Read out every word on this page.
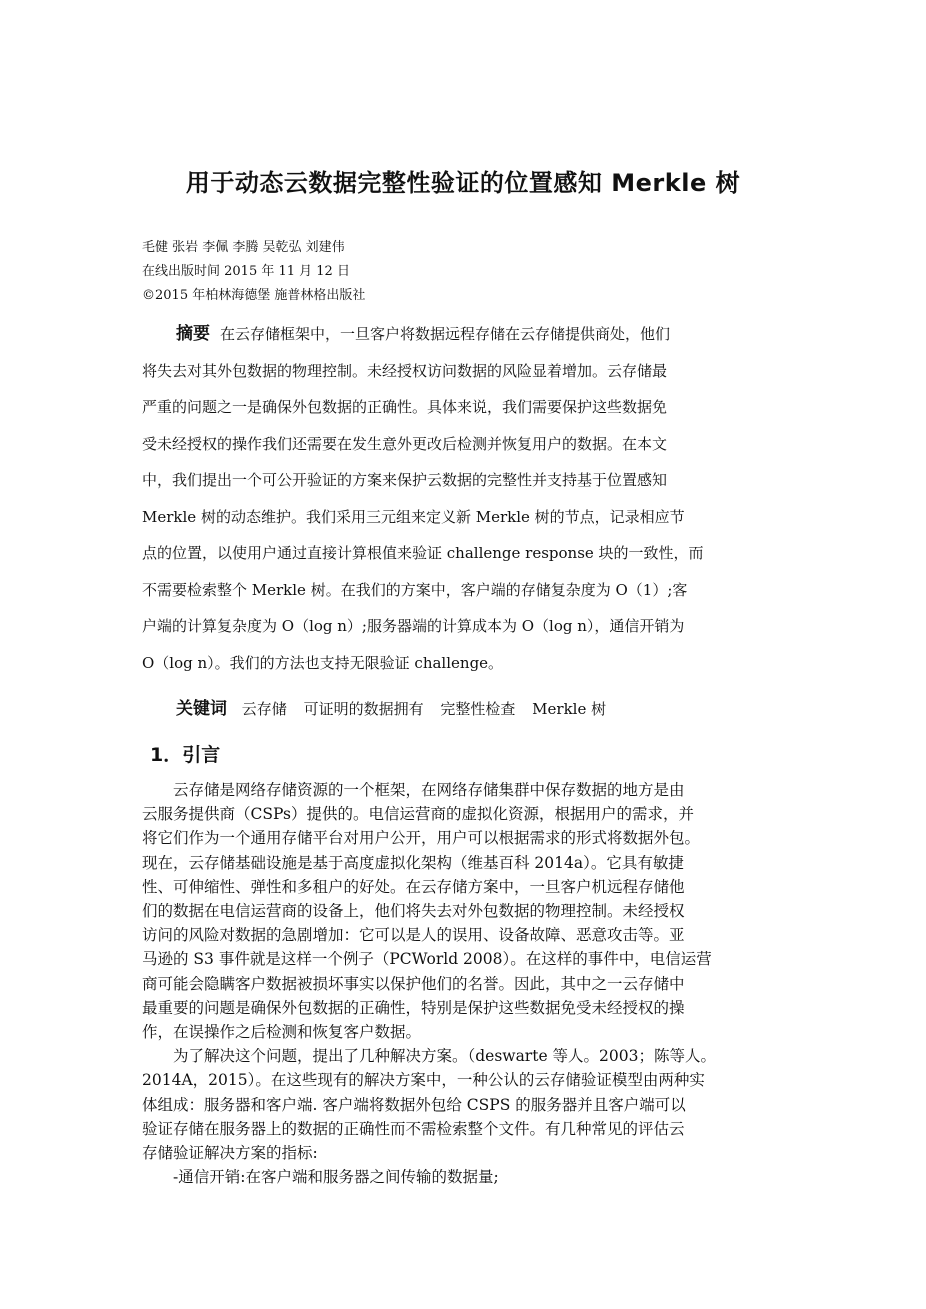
用于动态云数据完整性验证的位置感知 Merkle 树
毛健 张岩 李佩 李腾 吴乾弘 刘建伟
在线出版时间 2015 年 11 月 12 日
©2015 年柏林海德堡 施普林格出版社
摘要 在云存储框架中，一旦客户将数据远程存储在云存储提供商处，他们
将失去对其外包数据的物理控制。未经授权访问数据的风险显着增加。云存储最
严重的问题之一是确保外包数据的正确性。具体来说，我们需要保护这些数据免
受未经授权的操作我们还需要在发生意外更改后检测并恢复用户的数据。在本文
中，我们提出一个可公开验证的方案来保护云数据的完整性并支持基于位置感知
Merkle 树的动态维护。我们采用三元组来定义新 Merkle 树的节点，记录相应节
点的位置，以使用户通过直接计算根值来验证 challenge response 块的一致性，而
不需要检索整个 Merkle 树。在我们的方案中，客户端的存储复杂度为 O（1）;客
户端的计算复杂度为 O（log n）;服务器端的计算成本为 O（log n），通信开销为
O（log n）。我们的方法也支持无限验证 challenge。
关键词 云存储 可证明的数据拥有 完整性检查 Merkle 树
1．引言
云存储是网络存储资源的一个框架，在网络存储集群中保存数据的地方是由
云服务提供商（CSPs）提供的。电信运营商的虚拟化资源，根据用户的需求，并
将它们作为一个通用存储平台对用户公开，用户可以根据需求的形式将数据外包。
现在，云存储基础设施是基于高度虚拟化架构（维基百科 2014a）。它具有敏捷
性、可伸缩性、弹性和多租户的好处。在云存储方案中，一旦客户机远程存储他
们的数据在电信运营商的设备上，他们将失去对外包数据的物理控制。未经授权
访问的风险对数据的急剧增加：它可以是人的误用、设备故障、恶意攻击等。亚
马逊的 S3 事件就是这样一个例子（PCWorld 2008）。在这样的事件中，电信运营
商可能会隐瞒客户数据被损坏事实以保护他们的名誉。因此，其中之一云存储中
最重要的问题是确保外包数据的正确性，特别是保护这些数据免受未经授权的操
作，在误操作之后检测和恢复客户数据。
为了解决这个问题，提出了几种解决方案。（deswarte 等人。2003；陈等人。
2014A，2015）。在这些现有的解决方案中，一种公认的云存储验证模型由两种实
体组成：服务器和客户端. 客户端将数据外包给 CSPS 的服务器并且客户端可以
验证存储在服务器上的数据的正确性而不需检索整个文件。有几种常见的评估云
存储验证解决方案的指标:
-通信开销:在客户端和服务器之间传输的数据量;
